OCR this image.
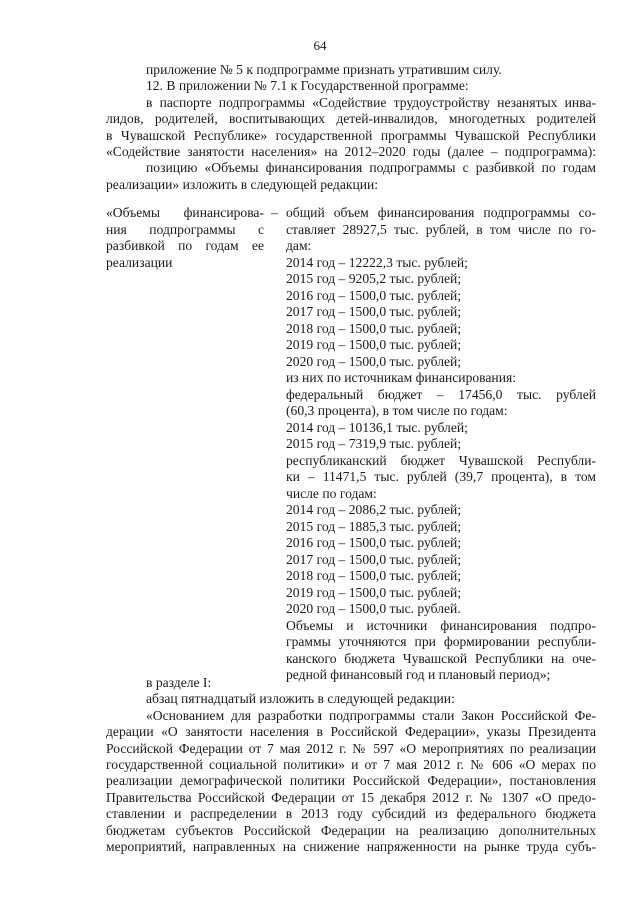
64
приложение № 5 к подпрограмме признать утратившим силу.
12. В приложении № 7.1 к Государственной программе:
в паспорте подпрограммы «Содействие трудоустройству незанятых инва-
лидов, родителей, воспитывающих детей-инвалидов, многодетных родителей
в Чувашской Республике» государственной программы Чувашской Республики
«Содействие занятости населения» на 2012–2020 годы (далее – подпрограмма):
позицию «Объемы финансирования подпрограммы с разбивкой по годам
реализации» изложить в следующей редакции:
«Объемы финансирова-
ния подпрограммы с
разбивкой по годам ее
реализации
– общий объем финансирования подпрограммы со-
ставляет 28927,5 тыс. рублей, в том числе по го-
дам:
2014 год – 12222,3 тыс. рублей;
2015 год – 9205,2 тыс. рублей;
2016 год – 1500,0 тыс. рублей;
2017 год – 1500,0 тыс. рублей;
2018 год – 1500,0 тыс. рублей;
2019 год – 1500,0 тыс. рублей;
2020 год – 1500,0 тыс. рублей;
из них по источникам финансирования:
федеральный бюджет – 17456,0 тыс. рублей
(60,3 процента), в том числе по годам:
2014 год – 10136,1 тыс. рублей;
2015 год – 7319,9 тыс. рублей;
республиканский бюджет Чувашской Республи-
ки – 11471,5 тыс. рублей (39,7 процента), в том
числе по годам:
2014 год – 2086,2 тыс. рублей;
2015 год – 1885,3 тыс. рублей;
2016 год – 1500,0 тыс. рублей;
2017 год – 1500,0 тыс. рублей;
2018 год – 1500,0 тыс. рублей;
2019 год – 1500,0 тыс. рублей;
2020 год – 1500,0 тыс. рублей.
Объемы и источники финансирования подпро-
граммы уточняются при формировании республи-
канского бюджета Чувашской Республики на оче-
редной финансовый год и плановый период»;
в разделе I:
абзац пятнадцатый изложить в следующей редакции:
«Основанием для разработки подпрограммы стали Закон Российской Фе-
дерации «О занятости населения в Российской Федерации», указы Президента
Российской Федерации от 7 мая 2012 г. № 597 «О мероприятиях по реализации
государственной социальной политики» и от 7 мая 2012 г. № 606 «О мерах по
реализации демографической политики Российской Федерации», постановления
Правительства Российской Федерации от 15 декабря 2012 г. № 1307 «О предо-
ставлении и распределении в 2013 году субсидий из федерального бюджета
бюджетам субъектов Российской Федерации на реализацию дополнительных
мероприятий, направленных на снижение напряженности на рынке труда субъ-
